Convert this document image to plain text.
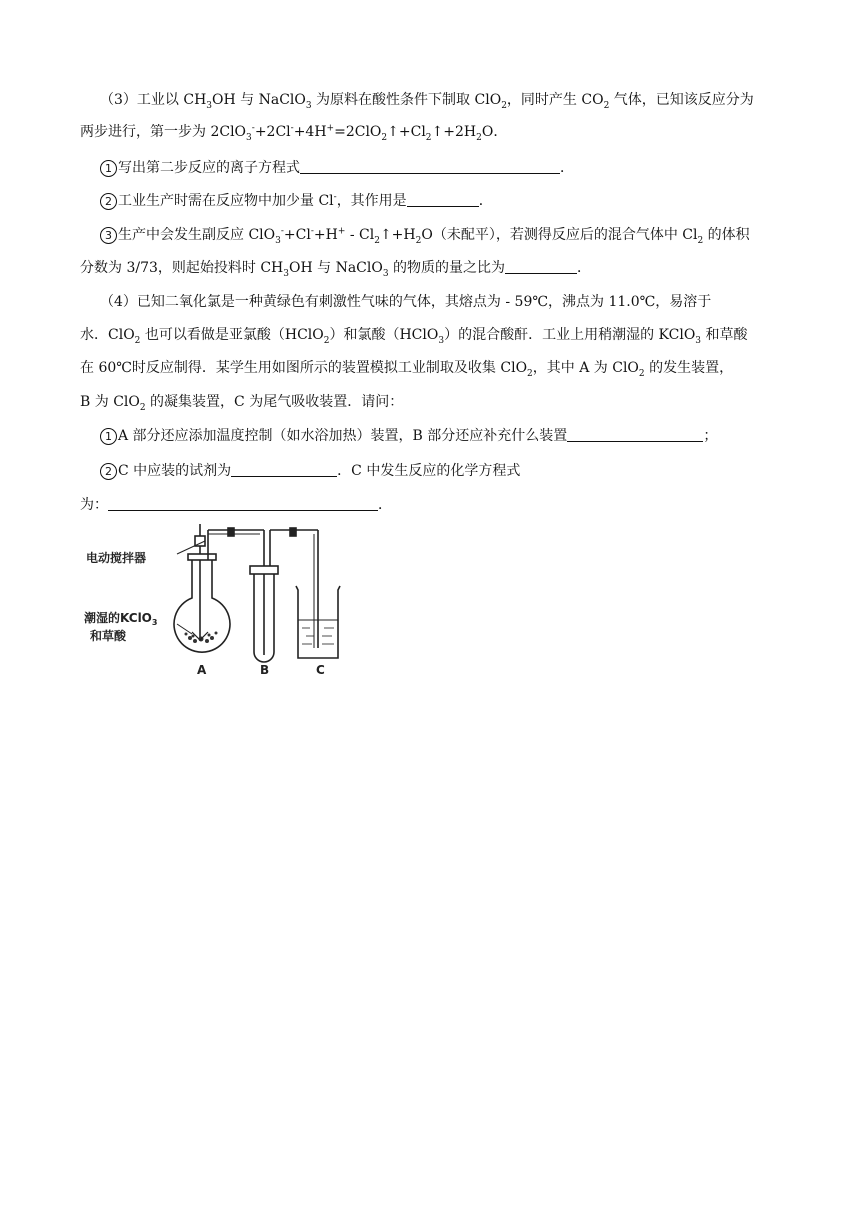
（3）工业以 $CH_3OH$ 与 NaClO$_3$ 为原料在酸性条件下制取 ClO$_2$，同时产生 $CO_2$ 气体，已知该反应分为
两步进行，第一步为 $2ClO_3^-+2Cl^-+4H^+=2ClO_2↑+Cl_2↑+2H_2O$．
1 写出第二步反应的离子方程式	．
2 工业生产时需在反应物中加少量 Cl-，其作用是	．
3 生产中会发生副反应 $ClO_3^-+Cl^-+H^+ - Cl_2↑+H_2O$（未配平），若测得反应后的混合气体中 $Cl_2$ 的体积
分数为 3/73，则起始投料时 $CH_3OH$ 与 NaClO$_3$ 的物质的量之比为	．
（4）已知二氧化氯是一种黄绿色有刺激性气味的气体，其熔点为 - 59℃，沸点为 11.0℃，易溶于
水．ClO$_2$ 也可以看做是亚氯酸（HClO$_2$）和氯酸（HClO$_3$）的混合酸酐．工业上用稍潮湿的 KClO$_3$ 和草酸
在 60℃时反应制得．某学生用如图所示的装置模拟工业制取及收集 ClO$_2$，其中 A 为 ClO$_2$ 的发生装置，
B 为 ClO$_2$ 的凝集装置，C 为尾气吸收装置．请问：
1 A 部分还应添加温度控制（如水浴加热）装置，B 部分还应补充什么装置	；
2 C 中应装的试剂为	．C 中发生反应的化学方程式
为：	．
电动搅拌器
潮湿的KClO$_3$
和草酸
A	B	C
